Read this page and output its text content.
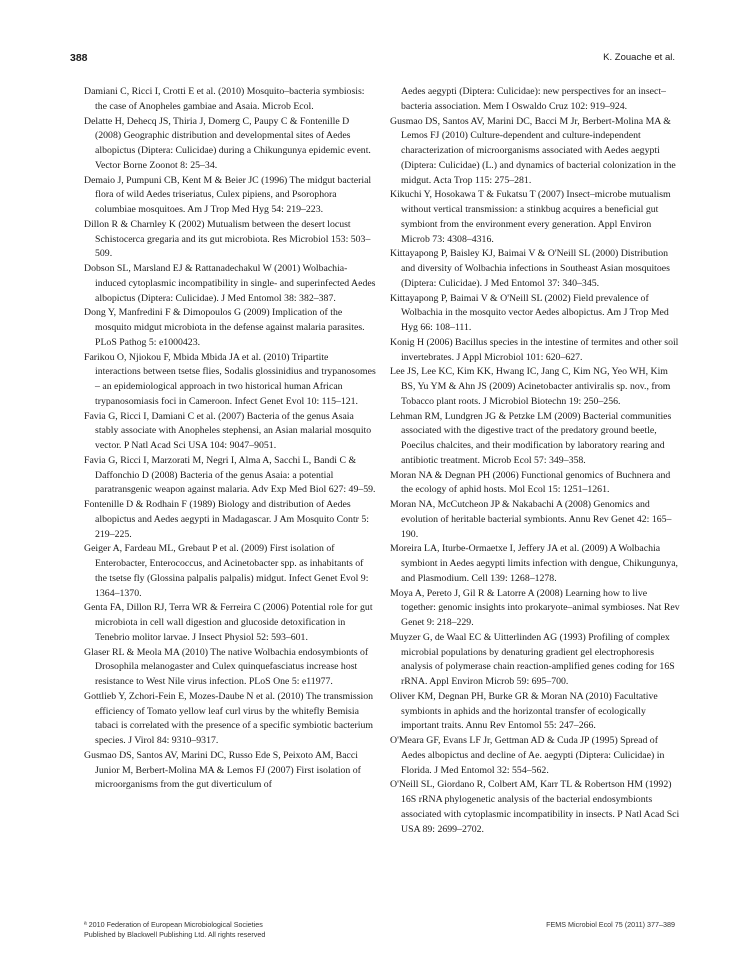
388	K. Zouache et al.

Damiani C, Ricci I, Crotti E et al. (2010) Mosquito–bacteria symbiosis: the case of Anopheles gambiae and Asaia. Microb Ecol.

Delatte H, Dehecq JS, Thiria J, Domerg C, Paupy C & Fontenille D (2008) Geographic distribution and developmental sites of Aedes albopictus (Diptera: Culicidae) during a Chikungunya epidemic event. Vector Borne Zoonot 8: 25–34.

Demaio J, Pumpuni CB, Kent M & Beier JC (1996) The midgut bacterial flora of wild Aedes triseriatus, Culex pipiens, and Psorophora columbiae mosquitoes. Am J Trop Med Hyg 54: 219–223.

Dillon R & Charnley K (2002) Mutualism between the desert locust Schistocerca gregaria and its gut microbiota. Res Microbiol 153: 503–509.

Dobson SL, Marsland EJ & Rattanadechakul W (2001) Wolbachia-induced cytoplasmic incompatibility in single- and superinfected Aedes albopictus (Diptera: Culicidae). J Med Entomol 38: 382–387.

Dong Y, Manfredini F & Dimopoulos G (2009) Implication of the mosquito midgut microbiota in the defense against malaria parasites. PLoS Pathog 5: e1000423.

Farikou O, Njiokou F, Mbida Mbida JA et al. (2010) Tripartite interactions between tsetse flies, Sodalis glossinidius and trypanosomes – an epidemiological approach in two historical human African trypanosomiasis foci in Cameroon. Infect Genet Evol 10: 115–121.

Favia G, Ricci I, Damiani C et al. (2007) Bacteria of the genus Asaia stably associate with Anopheles stephensi, an Asian malarial mosquito vector. P Natl Acad Sci USA 104: 9047–9051.

Favia G, Ricci I, Marzorati M, Negri I, Alma A, Sacchi L, Bandi C & Daffonchio D (2008) Bacteria of the genus Asaia: a potential paratransgenic weapon against malaria. Adv Exp Med Biol 627: 49–59.

Fontenille D & Rodhain F (1989) Biology and distribution of Aedes albopictus and Aedes aegypti in Madagascar. J Am Mosquito Contr 5: 219–225.

Geiger A, Fardeau ML, Grebaut P et al. (2009) First isolation of Enterobacter, Enterococcus, and Acinetobacter spp. as inhabitants of the tsetse fly (Glossina palpalis palpalis) midgut. Infect Genet Evol 9: 1364–1370.

Genta FA, Dillon RJ, Terra WR & Ferreira C (2006) Potential role for gut microbiota in cell wall digestion and glucoside detoxification in Tenebrio molitor larvae. J Insect Physiol 52: 593–601.

Glaser RL & Meola MA (2010) The native Wolbachia endosymbionts of Drosophila melanogaster and Culex quinquefasciatus increase host resistance to West Nile virus infection. PLoS One 5: e11977.

Gottlieb Y, Zchori-Fein E, Mozes-Daube N et al. (2010) The transmission efficiency of Tomato yellow leaf curl virus by the whitefly Bemisia tabaci is correlated with the presence of a specific symbiotic bacterium species. J Virol 84: 9310–9317.

Gusmao DS, Santos AV, Marini DC, Russo Ede S, Peixoto AM, Bacci Junior M, Berbert-Molina MA & Lemos FJ (2007) First isolation of microorganisms from the gut diverticulum of

Aedes aegypti (Diptera: Culicidae): new perspectives for an insect–bacteria association. Mem I Oswaldo Cruz 102: 919–924.

Gusmao DS, Santos AV, Marini DC, Bacci M Jr, Berbert-Molina MA & Lemos FJ (2010) Culture-dependent and culture-independent characterization of microorganisms associated with Aedes aegypti (Diptera: Culicidae) (L.) and dynamics of bacterial colonization in the midgut. Acta Trop 115: 275–281.

Kikuchi Y, Hosokawa T & Fukatsu T (2007) Insect–microbe mutualism without vertical transmission: a stinkbug acquires a beneficial gut symbiont from the environment every generation. Appl Environ Microb 73: 4308–4316.

Kittayapong P, Baisley KJ, Baimai V & O'Neill SL (2000) Distribution and diversity of Wolbachia infections in Southeast Asian mosquitoes (Diptera: Culicidae). J Med Entomol 37: 340–345.

Kittayapong P, Baimai V & O'Neill SL (2002) Field prevalence of Wolbachia in the mosquito vector Aedes albopictus. Am J Trop Med Hyg 66: 108–111.

Konig H (2006) Bacillus species in the intestine of termites and other soil invertebrates. J Appl Microbiol 101: 620–627.

Lee JS, Lee KC, Kim KK, Hwang IC, Jang C, Kim NG, Yeo WH, Kim BS, Yu YM & Ahn JS (2009) Acinetobacter antiviralis sp. nov., from Tobacco plant roots. J Microbiol Biotechn 19: 250–256.

Lehman RM, Lundgren JG & Petzke LM (2009) Bacterial communities associated with the digestive tract of the predatory ground beetle, Poecilus chalcites, and their modification by laboratory rearing and antibiotic treatment. Microb Ecol 57: 349–358.

Moran NA & Degnan PH (2006) Functional genomics of Buchnera and the ecology of aphid hosts. Mol Ecol 15: 1251–1261.

Moran NA, McCutcheon JP & Nakabachi A (2008) Genomics and evolution of heritable bacterial symbionts. Annu Rev Genet 42: 165–190.

Moreira LA, Iturbe-Ormaetxe I, Jeffery JA et al. (2009) A Wolbachia symbiont in Aedes aegypti limits infection with dengue, Chikungunya, and Plasmodium. Cell 139: 1268–1278.

Moya A, Pereto J, Gil R & Latorre A (2008) Learning how to live together: genomic insights into prokaryote–animal symbioses. Nat Rev Genet 9: 218–229.

Muyzer G, de Waal EC & Uitterlinden AG (1993) Profiling of complex microbial populations by denaturing gradient gel electrophoresis analysis of polymerase chain reaction-amplified genes coding for 16S rRNA. Appl Environ Microb 59: 695–700.

Oliver KM, Degnan PH, Burke GR & Moran NA (2010) Facultative symbionts in aphids and the horizontal transfer of ecologically important traits. Annu Rev Entomol 55: 247–266.

O'Meara GF, Evans LF Jr, Gettman AD & Cuda JP (1995) Spread of Aedes albopictus and decline of Ae. aegypti (Diptera: Culicidae) in Florida. J Med Entomol 32: 554–562.

O'Neill SL, Giordano R, Colbert AM, Karr TL & Robertson HM (1992) 16S rRNA phylogenetic analysis of the bacterial endosymbionts associated with cytoplasmic incompatibility in insects. P Natl Acad Sci USA 89: 2699–2702.

ª 2010 Federation of European Microbiological Societies
Published by Blackwell Publishing Ltd. All rights reserved
FEMS Microbiol Ecol 75 (2011) 377–389
